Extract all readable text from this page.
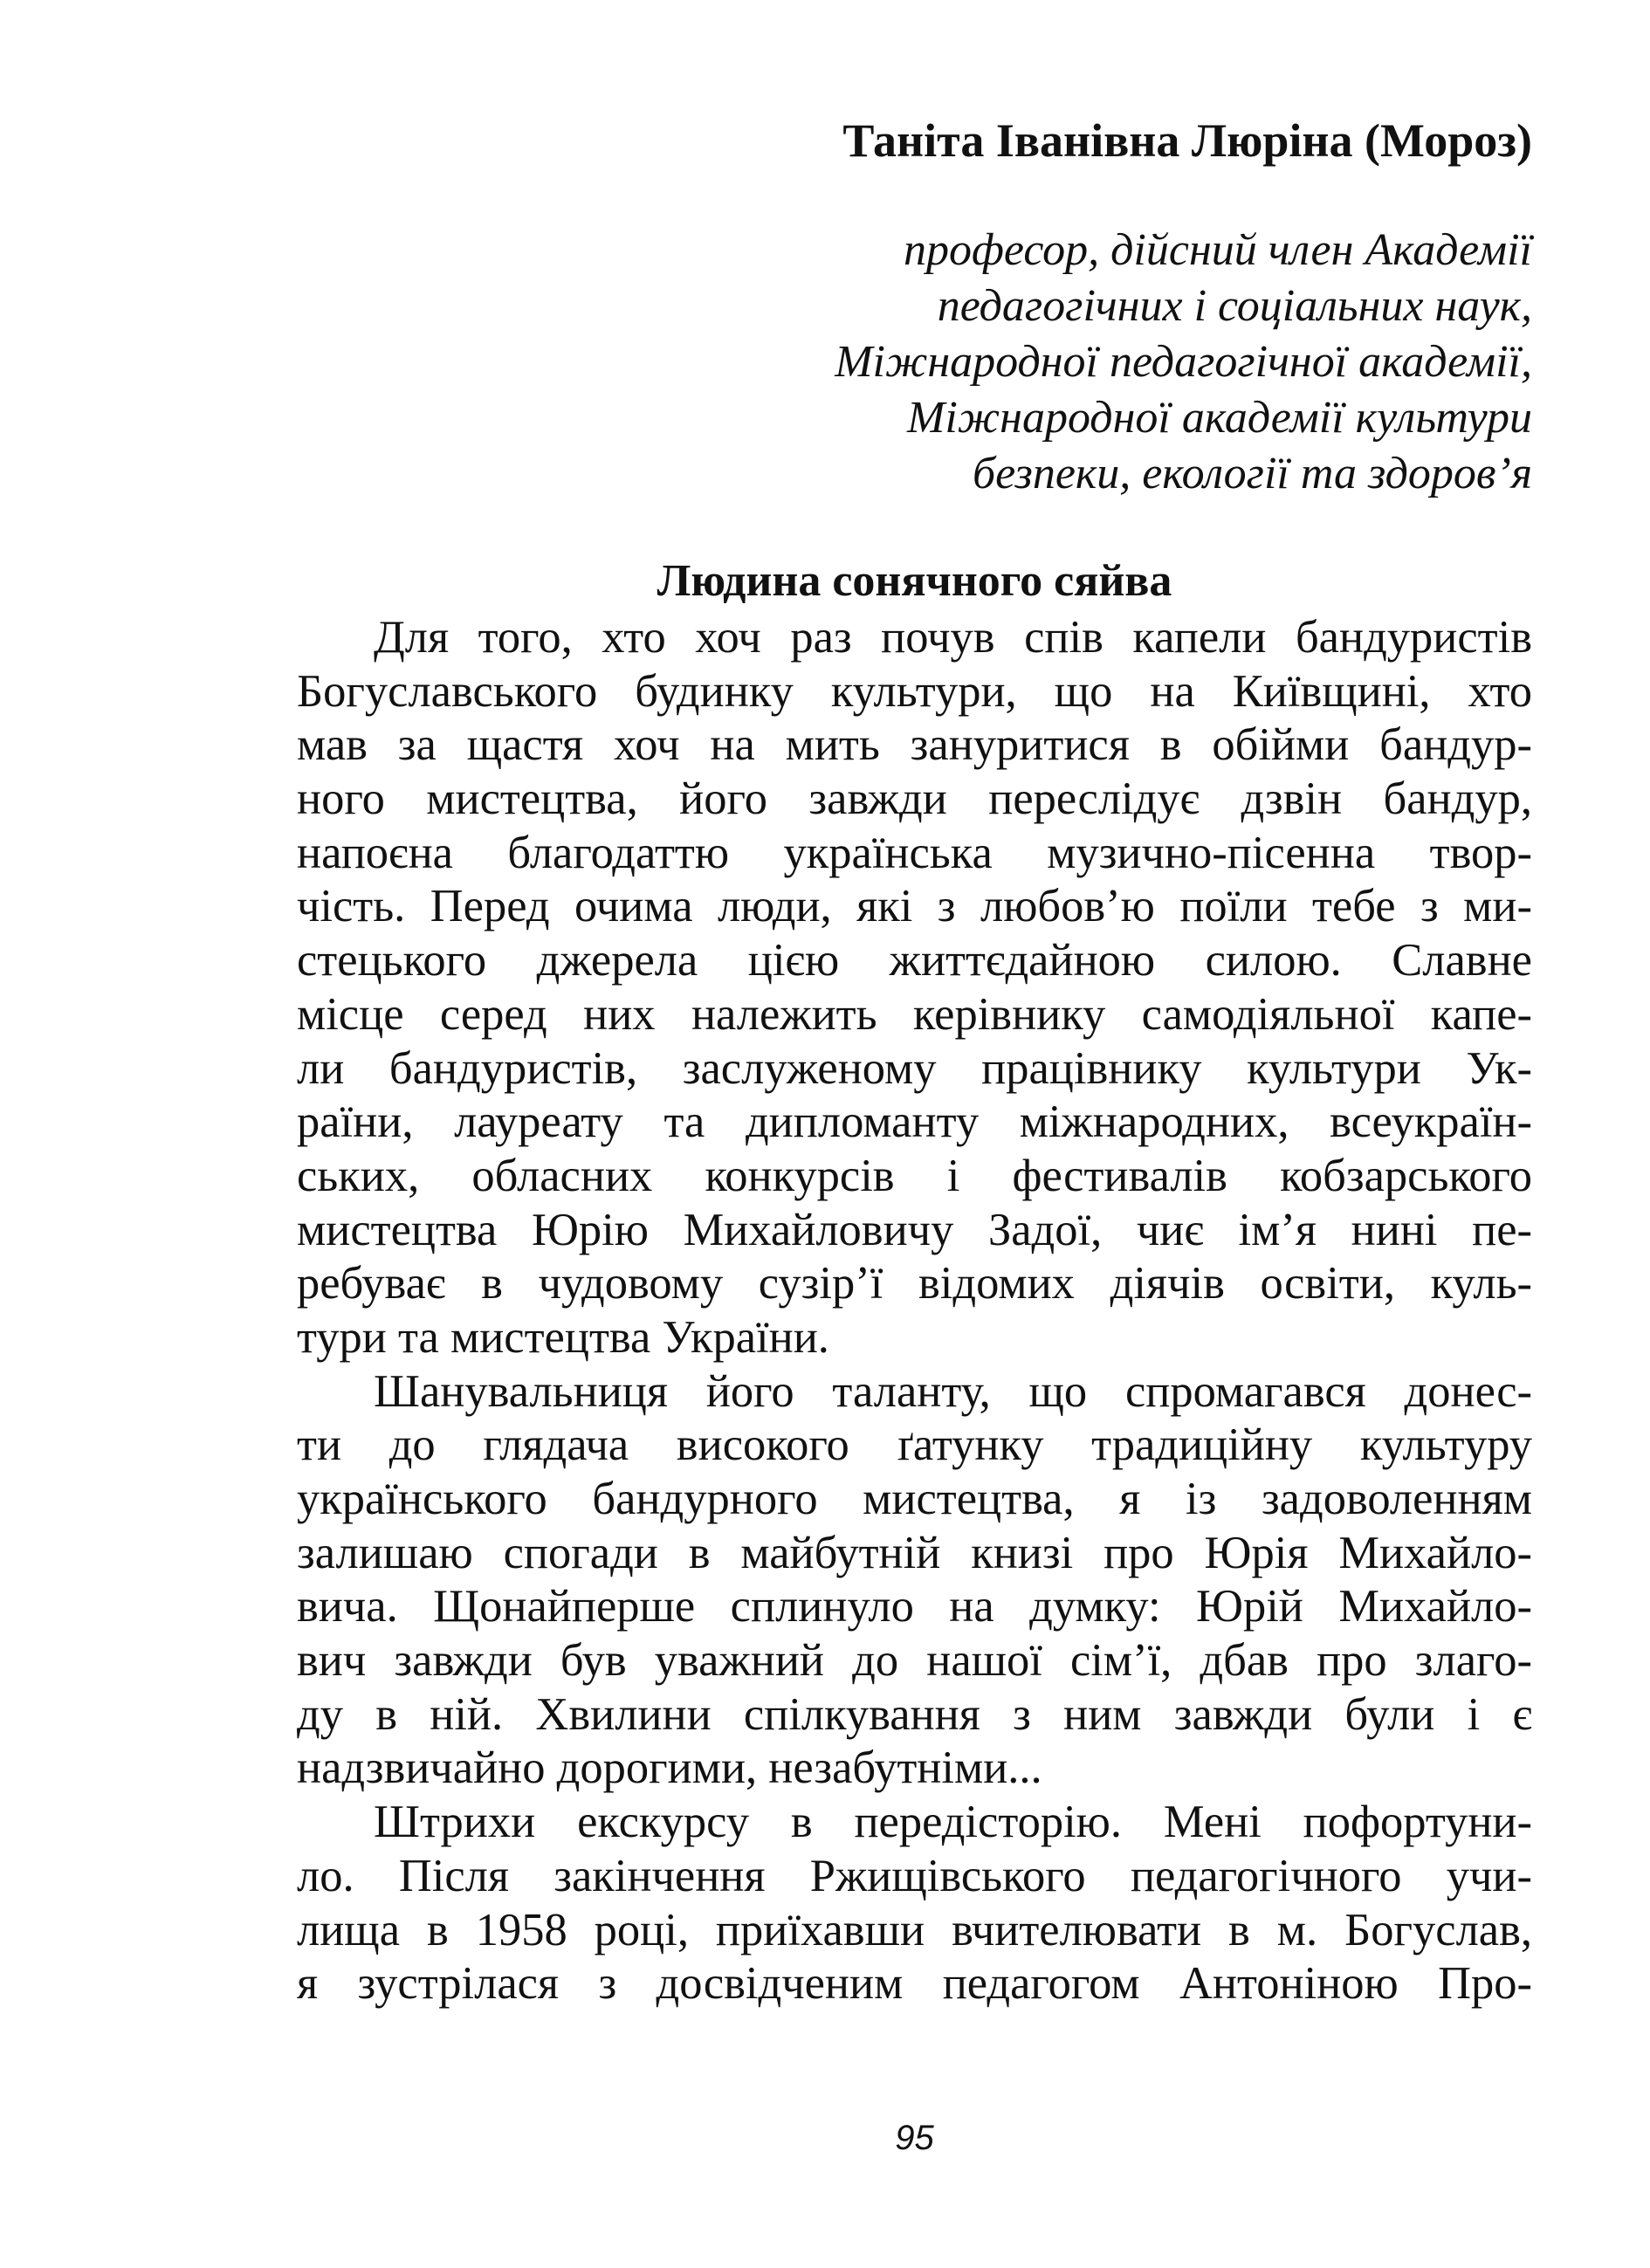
Таніта Іванівна Люріна (Мороз)
професор, дійсний член Академії
педагогічних і соціальних наук,
Міжнародної педагогічної академії,
Міжнародної академії культури
безпеки, екології та здоров’я
Людина сонячного сяйва
Для того, хто хоч раз почув спів капели бандуристів
Богуславського будинку культури, що на Київщині, хто
мав за щастя хоч на мить зануритися в обійми бандур-
ного мистецтва, його завжди переслідує дзвін бандур,
напоєна благодаттю українська музично-пісенна твор-
чість. Перед очима люди, які з любов’ю поїли тебе з ми-
стецького джерела цією життєдайною силою. Славне
місце серед них належить керівнику самодіяльної капе-
ли бандуристів, заслуженому працівнику культури Ук-
раїни, лауреату та дипломанту міжнародних, всеукраїн-
ських, обласних конкурсів і фестивалів кобзарського
мистецтва Юрію Михайловичу Задої, чиє ім’я нині пе-
ребуває в чудовому сузір’ї відомих діячів освіти, куль-
тури та мистецтва України.
Шанувальниця його таланту, що спромагався донес-
ти до глядача високого ґатунку традиційну культуру
українського бандурного мистецтва, я із задоволенням
залишаю спогади в майбутній книзі про Юрія Михайло-
вича. Щонайперше сплинуло на думку: Юрій Михайло-
вич завжди був уважний до нашої сім’ї, дбав про злаго-
ду в ній. Хвилини спілкування з ним завжди були і є
надзвичайно дорогими, незабутніми...
Штрихи екскурсу в передісторію. Мені пофортуни-
ло. Після закінчення Ржищівського педагогічного учи-
лища в 1958 році, приїхавши вчителювати в м. Богуслав,
я зустрілася з досвідченим педагогом Антоніною Про-
95
